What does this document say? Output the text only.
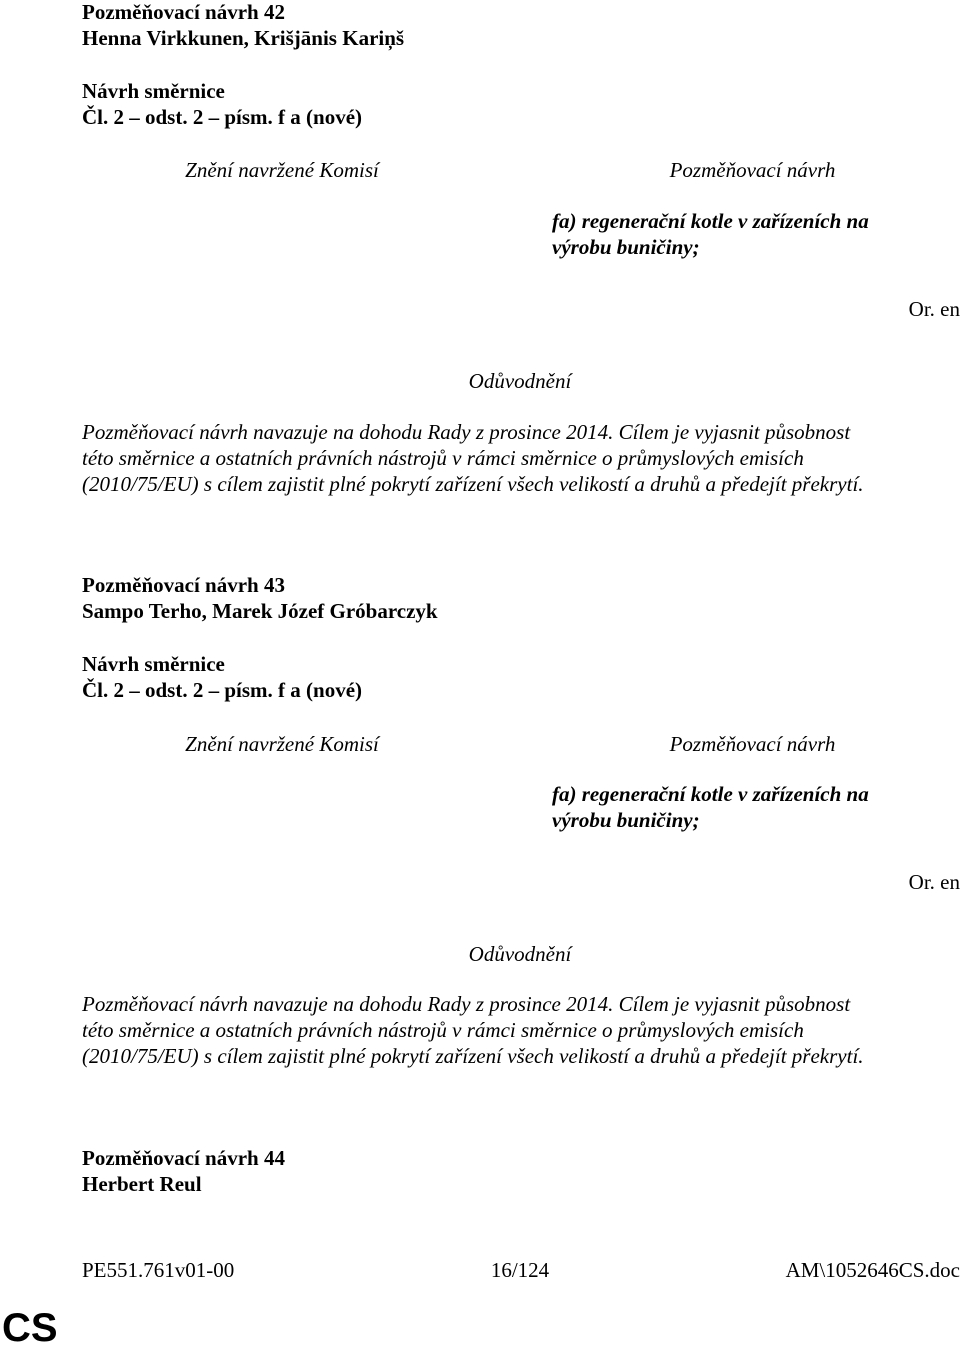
Pozměňovací návrh 42
Henna Virkkunen, Krišjānis Kariņš
Návrh směrnice
Čl. 2 – odst. 2 – písm. f a (nové)
Znění navržené Komisí	Pozměňovací návrh
fa) regenerační kotle v zařízeních na
výrobu buničiny;
Or. en
Odůvodnění
Pozměňovací návrh navazuje na dohodu Rady z prosince 2014. Cílem je vyjasnit působnost
této směrnice a ostatních právních nástrojů v rámci směrnice o průmyslových emisích
(2010/75/EU) s cílem zajistit plné pokrytí zařízení všech velikostí a druhů a předejít překrytí.
Pozměňovací návrh 43
Sampo Terho, Marek Józef Gróbarczyk
Návrh směrnice
Čl. 2 – odst. 2 – písm. f a (nové)
Znění navržené Komisí	Pozměňovací návrh
fa) regenerační kotle v zařízeních na
výrobu buničiny;
Or. en
Odůvodnění
Pozměňovací návrh navazuje na dohodu Rady z prosince 2014. Cílem je vyjasnit působnost
této směrnice a ostatních právních nástrojů v rámci směrnice o průmyslových emisích
(2010/75/EU) s cílem zajistit plné pokrytí zařízení všech velikostí a druhů a předejít překrytí.
Pozměňovací návrh 44
Herbert Reul
PE551.761v01-00	16/124	AM\1052646CS.doc
CS
